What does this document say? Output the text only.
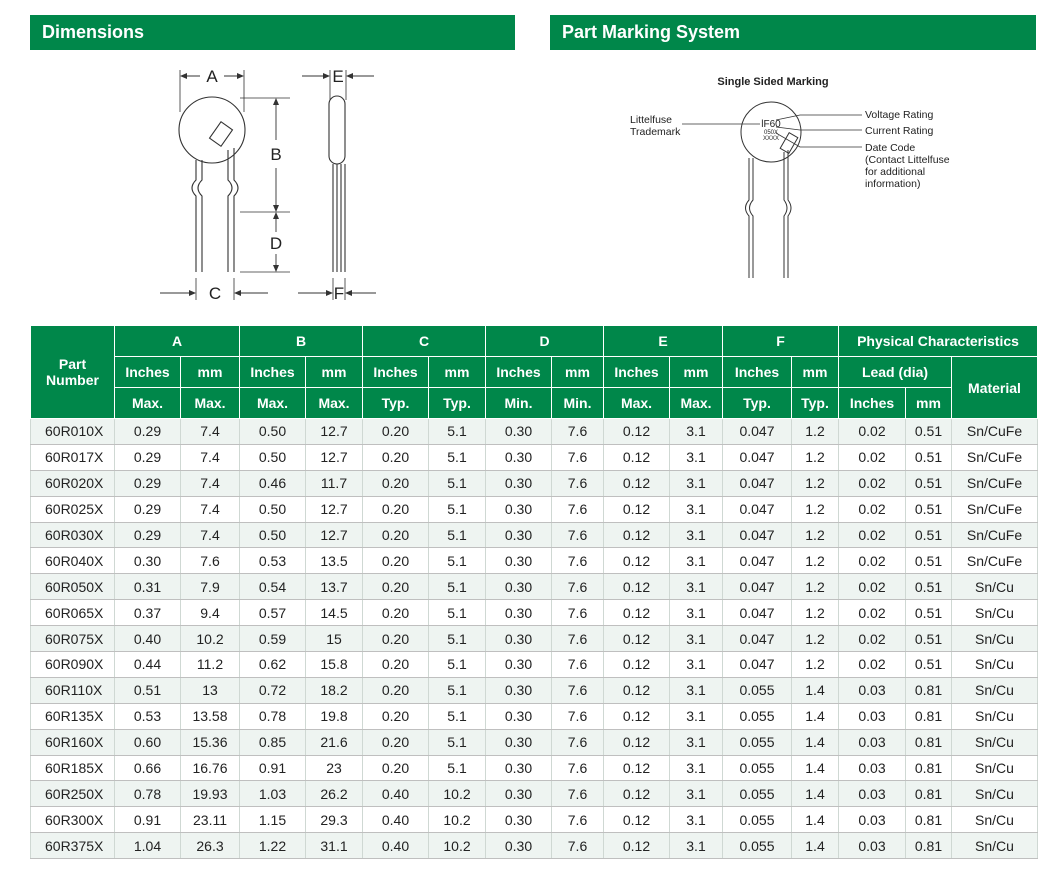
Dimensions	Part Marking System
A	E
B
D
C	F
Single Sided Marking
lF60
050X
XXXX
Littelfuse
Trademark
Voltage Rating
Current Rating
Date Code
(Contact Littelfuse
for additional
information)
Part
Number	A		B		C		D		E		F		Physical Characteristics		
	Inches	mm	Inches	mm	Inches	mm	Inches	mm	Inches	mm	Inches	mm	Lead (dia)		Material
	Max.	Max.	Max.	Max.	Typ.	Typ.	Min.	Min.	Max.	Max.	Typ.	Typ.	Inches	mm	
60R010X	0.29	7.4	0.50	12.7	0.20	5.1	0.30	7.6	0.12	3.1	0.047	1.2	0.02	0.51	Sn/CuFe
60R017X	0.29	7.4	0.50	12.7	0.20	5.1	0.30	7.6	0.12	3.1	0.047	1.2	0.02	0.51	Sn/CuFe
60R020X	0.29	7.4	0.46	11.7	0.20	5.1	0.30	7.6	0.12	3.1	0.047	1.2	0.02	0.51	Sn/CuFe
60R025X	0.29	7.4	0.50	12.7	0.20	5.1	0.30	7.6	0.12	3.1	0.047	1.2	0.02	0.51	Sn/CuFe
60R030X	0.29	7.4	0.50	12.7	0.20	5.1	0.30	7.6	0.12	3.1	0.047	1.2	0.02	0.51	Sn/CuFe
60R040X	0.30	7.6	0.53	13.5	0.20	5.1	0.30	7.6	0.12	3.1	0.047	1.2	0.02	0.51	Sn/CuFe
60R050X	0.31	7.9	0.54	13.7	0.20	5.1	0.30	7.6	0.12	3.1	0.047	1.2	0.02	0.51	Sn/Cu
60R065X	0.37	9.4	0.57	14.5	0.20	5.1	0.30	7.6	0.12	3.1	0.047	1.2	0.02	0.51	Sn/Cu
60R075X	0.40	10.2	0.59	15	0.20	5.1	0.30	7.6	0.12	3.1	0.047	1.2	0.02	0.51	Sn/Cu
60R090X	0.44	11.2	0.62	15.8	0.20	5.1	0.30	7.6	0.12	3.1	0.047	1.2	0.02	0.51	Sn/Cu
60R110X	0.51	13	0.72	18.2	0.20	5.1	0.30	7.6	0.12	3.1	0.055	1.4	0.03	0.81	Sn/Cu
60R135X	0.53	13.58	0.78	19.8	0.20	5.1	0.30	7.6	0.12	3.1	0.055	1.4	0.03	0.81	Sn/Cu
60R160X	0.60	15.36	0.85	21.6	0.20	5.1	0.30	7.6	0.12	3.1	0.055	1.4	0.03	0.81	Sn/Cu
60R185X	0.66	16.76	0.91	23	0.20	5.1	0.30	7.6	0.12	3.1	0.055	1.4	0.03	0.81	Sn/Cu
60R250X	0.78	19.93	1.03	26.2	0.40	10.2	0.30	7.6	0.12	3.1	0.055	1.4	0.03	0.81	Sn/Cu
60R300X	0.91	23.11	1.15	29.3	0.40	10.2	0.30	7.6	0.12	3.1	0.055	1.4	0.03	0.81	Sn/Cu
60R375X	1.04	26.3	1.22	31.1	0.40	10.2	0.30	7.6	0.12	3.1	0.055	1.4	0.03	0.81	Sn/Cu
